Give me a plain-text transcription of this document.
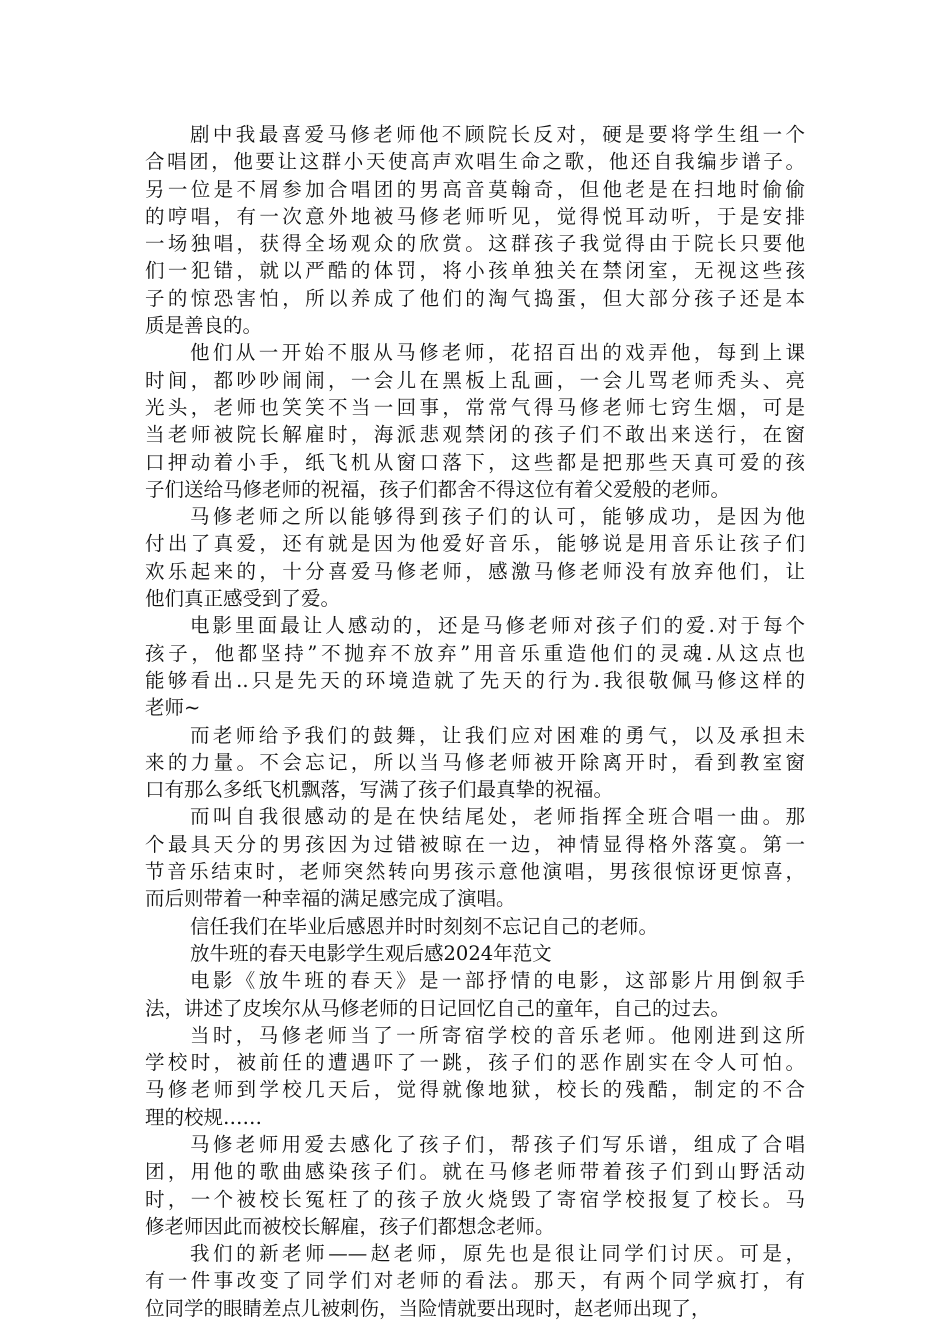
剧中我最喜爱马修老师他不顾院长反对，硬是要将学生组一个
合唱团，他要让这群小天使高声欢唱生命之歌，他还自我编步谱子。
另一位是不屑参加合唱团的男高音莫翰奇，但他老是在扫地时偷偷
的哼唱，有一次意外地被马修老师听见，觉得悦耳动听，于是安排
一场独唱，获得全场观众的欣赏。这群孩子我觉得由于院长只要他
们一犯错，就以严酷的体罚，将小孩单独关在禁闭室，无视这些孩
子的惊恐害怕，所以养成了他们的淘气捣蛋，但大部分孩子还是本
质是善良的。
他们从一开始不服从马修老师，花招百出的戏弄他，每到上课
时间，都吵吵闹闹，一会儿在黑板上乱画，一会儿骂老师秃头、亮
光头，老师也笑笑不当一回事，常常气得马修老师七窍生烟，可是
当老师被院长解雇时，海派悲观禁闭的孩子们不敢出来送行，在窗
口押动着小手，纸飞机从窗口落下，这些都是把那些天真可爱的孩
子们送给马修老师的祝福，孩子们都舍不得这位有着父爱般的老师。
马修老师之所以能够得到孩子们的认可，能够成功，是因为他
付出了真爱，还有就是因为他爱好音乐，能够说是用音乐让孩子们
欢乐起来的，十分喜爱马修老师，感激马修老师没有放弃他们，让
他们真正感受到了爱。
电影里面最让人感动的，还是马修老师对孩子们的爱.对于每个
孩子，他都坚持”不抛弃不放弃”用音乐重造他们的灵魂.从这点也
能够看出..只是先天的环境造就了先天的行为.我很敬佩马修这样的
老师~
而老师给予我们的鼓舞，让我们应对困难的勇气，以及承担未
来的力量。不会忘记，所以当马修老师被开除离开时，看到教室窗
口有那么多纸飞机飘落，写满了孩子们最真挚的祝福。
而叫自我很感动的是在快结尾处，老师指挥全班合唱一曲。那
个最具天分的男孩因为过错被晾在一边，神情显得格外落寞。第一
节音乐结束时，老师突然转向男孩示意他演唱，男孩很惊讶更惊喜，
而后则带着一种幸福的满足感完成了演唱。
信任我们在毕业后感恩并时时刻刻不忘记自己的老师。
放牛班的春天电影学生观后感2024年范文
电影《放牛班的春天》是一部抒情的电影，这部影片用倒叙手
法，讲述了皮埃尔从马修老师的日记回忆自己的童年，自己的过去。
当时，马修老师当了一所寄宿学校的音乐老师。他刚进到这所
学校时，被前任的遭遇吓了一跳，孩子们的恶作剧实在令人可怕。
马修老师到学校几天后，觉得就像地狱，校长的残酷，制定的不合
理的校规……
马修老师用爱去感化了孩子们，帮孩子们写乐谱，组成了合唱
团，用他的歌曲感染孩子们。就在马修老师带着孩子们到山野活动
时，一个被校长冤枉了的孩子放火烧毁了寄宿学校报复了校长。马
修老师因此而被校长解雇，孩子们都想念老师。
我们的新老师——赵老师，原先也是很让同学们讨厌。可是，
有一件事改变了同学们对老师的看法。那天，有两个同学疯打，有
位同学的眼睛差点儿被刺伤，当险情就要出现时，赵老师出现了，
